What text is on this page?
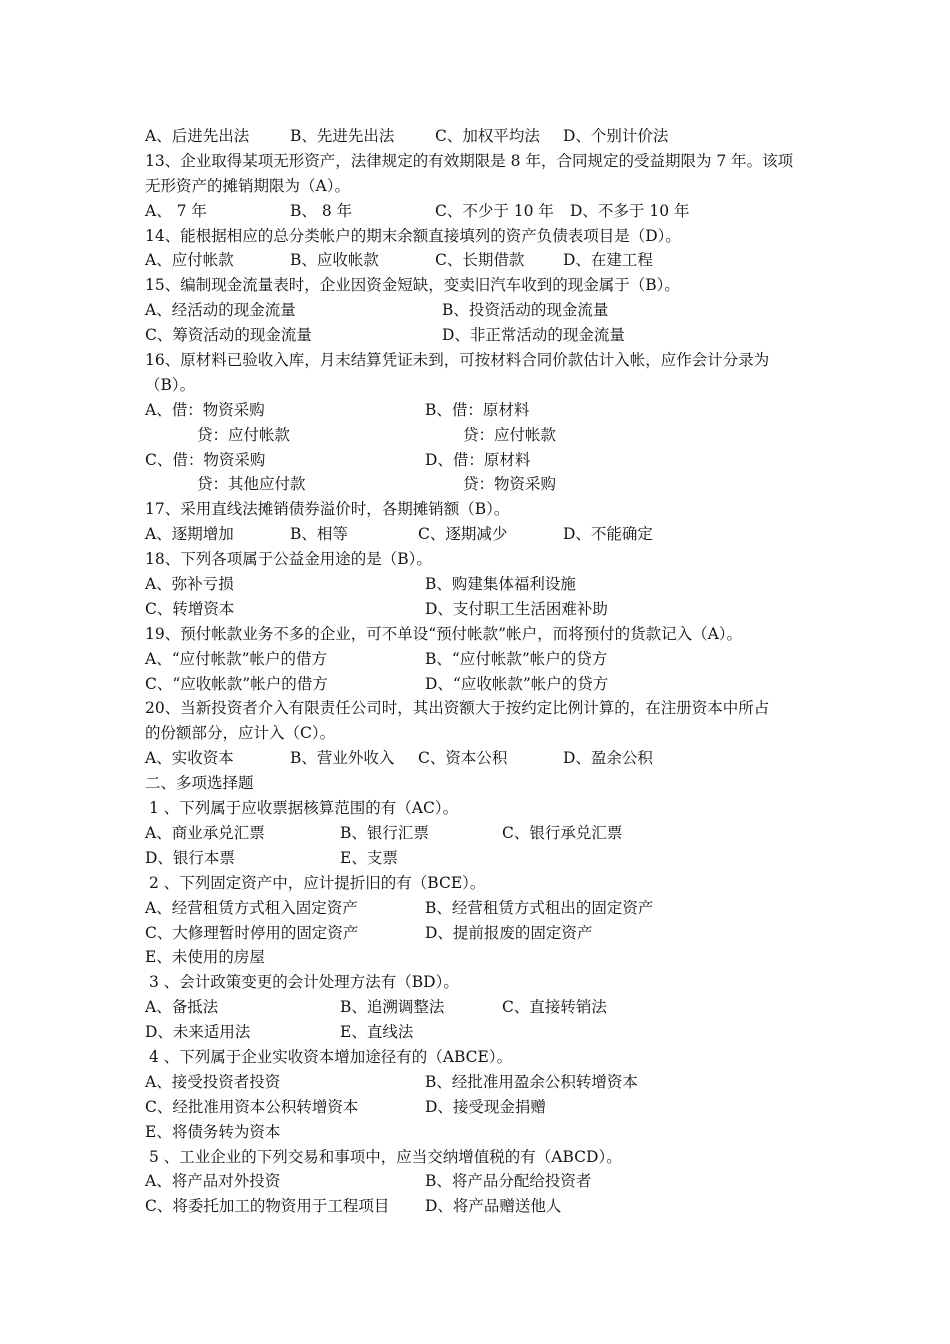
A、后进先出法	B、先进先出法	C、加权平均法 D、个别计价法
13、企业取得某项无形资产，法律规定的有效期限是 8 年，合同规定的受益期限为 7 年。该项
无形资产的摊销期限为（A）。
A、 7 年	B、 8 年	C、不少于 10 年 D、不多于 10 年
14、能根据相应的总分类帐户的期末余额直接填列的资产负债表项目是（D）。
A、应付帐款	B、应收帐款	C、长期借款 D、在建工程
15、编制现金流量表时，企业因资金短缺，变卖旧汽车收到的现金属于（B）。
A、经活动的现金流量	B、投资活动的现金流量
C、筹资活动的现金流量	D、非正常活动的现金流量
16、原材料已验收入库，月末结算凭证未到，可按材料合同价款估计入帐，应作会计分录为
（B）。
A、借：物资采购	B、借：原材料
贷：应付帐款	贷：应付帐款
C、借：物资采购	D、借：原材料
贷：其他应付款	贷：物资采购
17、采用直线法摊销债券溢价时，各期摊销额（B）。
A、逐期增加	B、相等	C、逐期减少	D、不能确定
18、下列各项属于公益金用途的是（B）。
A、弥补亏损	B、购建集体福利设施
C、转增资本	D、支付职工生活困难补助
19、预付帐款业务不多的企业，可不单设“预付帐款”帐户，而将预付的货款记入（A）。
A、“应付帐款”帐户的借方	B、“应付帐款”帐户的贷方
C、“应收帐款”帐户的借方	D、“应收帐款”帐户的贷方
20、当新投资者介入有限责任公司时，其出资额大于按约定比例计算的，在注册资本中所占
的份额部分，应计入（C）。
A、实收资本	B、营业外收入 C、资本公积	D、盈余公积
二、多项选择题
1 、下列属于应收票据核算范围的有（AC）。
A、商业承兑汇票	B、银行汇票	C、银行承兑汇票
D、银行本票	E、支票
2 、下列固定资产中，应计提折旧的有（BCE）。
A、经营租赁方式租入固定资产	B、经营租赁方式租出的固定资产
C、大修理暂时停用的固定资产	D、提前报废的固定资产
E、未使用的房屋
3 、会计政策变更的会计处理方法有（BD）。
A、备抵法	B、追溯调整法	C、直接转销法
D、未来适用法	E、直线法
4 、下列属于企业实收资本增加途径有的（ABCE）。
A、接受投资者投资	B、经批准用盈余公积转增资本
C、经批准用资本公积转增资本	D、接受现金捐赠
E、将债务转为资本
5 、工业企业的下列交易和事项中，应当交纳增值税的有（ABCD）。
A、将产品对外投资	B、将产品分配给投资者
C、将委托加工的物资用于工程项目 D、将产品赠送他人
